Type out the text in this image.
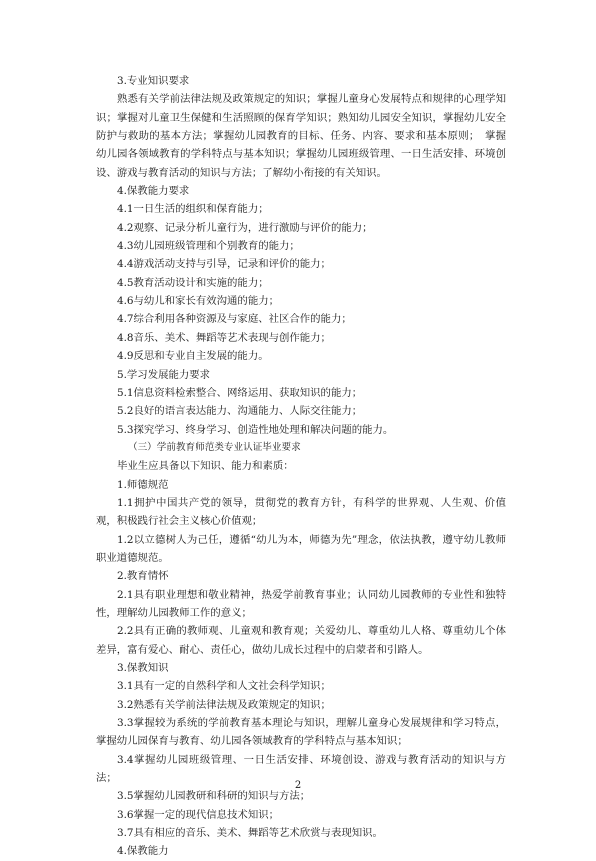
3.专业知识要求

熟悉有关学前法律法规及政策规定的知识；掌握儿童身心发展特点和规律的心理学知识；掌握对儿童卫生保健和生活照顾的保育学知识；熟知幼儿园安全知识，掌握幼儿安全防护与救助的基本方法；掌握幼儿园教育的目标、任务、内容、要求和基本原则；　掌握幼儿园各领域教育的学科特点与基本知识；掌握幼儿园班级管理、一日生活安排、环境创设、游戏与教育活动的知识与方法；了解幼小衔接的有关知识。

4.保教能力要求

4.1一日生活的组织和保育能力；

4.2观察、记录分析儿童行为，进行激励与评价的能力；

4.3幼儿园班级管理和个别教育的能力；

4.4游戏活动支持与引导，记录和评价的能力；

4.5教育活动设计和实施的能力；

4.6与幼儿和家长有效沟通的能力；

4.7综合利用各种资源及与家庭、社区合作的能力；

4.8音乐、美术、舞蹈等艺术表现与创作能力；

4.9反思和专业自主发展的能力。

5.学习发展能力要求

5.1信息资料检索整合、网络运用、获取知识的能力；

5.2良好的语言表达能力、沟通能力、人际交往能力；

5.3探究学习、终身学习、创造性地处理和解决问题的能力。

（三）学前教育师范类专业认证毕业要求

毕业生应具备以下知识、能力和素质：

1.师德规范

1.1拥护中国共产党的领导，贯彻党的教育方针，有科学的世界观、人生观、价值观，积极践行社会主义核心价值观；

1.2以立德树人为己任，遵循“幼儿为本，师德为先”理念，依法执教，遵守幼儿教师职业道德规范。

2.教育情怀

2.1具有职业理想和敬业精神，热爱学前教育事业；认同幼儿园教师的专业性和独特性，理解幼儿园教师工作的意义；

2.2具有正确的教师观、儿童观和教育观；关爱幼儿、尊重幼儿人格、尊重幼儿个体差异，富有爱心、耐心、责任心，做幼儿成长过程中的启蒙者和引路人。

3.保教知识

3.1具有一定的自然科学和人文社会科学知识；

3.2熟悉有关学前法律法规及政策规定的知识；

3.3掌握较为系统的学前教育基本理论与知识，理解儿童身心发展规律和学习特点，掌握幼儿园保育与教育、幼儿园各领域教育的学科特点与基本知识；

3.4掌握幼儿园班级管理、一日生活安排、环境创设、游戏与教育活动的知识与方法；

3.5掌握幼儿园教研和科研的知识与方法；

3.6掌握一定的现代信息技术知识；

3.7具有相应的音乐、美术、舞蹈等艺术欣赏与表现知识。

4.保教能力

2
